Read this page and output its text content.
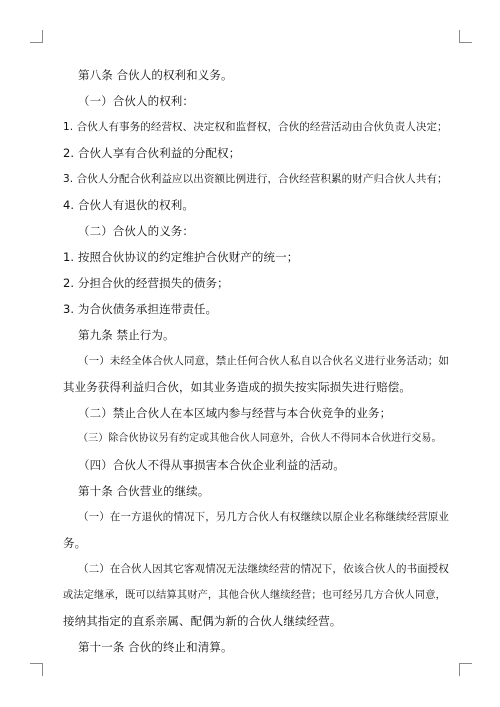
第八条 合伙人的权利和义务。
（一）合伙人的权利：
1. 合伙人有事务的经营权、决定权和监督权，合伙的经营活动由合伙负责人决定；
2. 合伙人享有合伙利益的分配权；
3. 合伙人分配合伙利益应以出资额比例进行，合伙经营积累的财产归合伙人共有；
4. 合伙人有退伙的权利。
（二）合伙人的义务：
1. 按照合伙协议的约定维护合伙财产的统一；
2. 分担合伙的经营损失的债务；
3. 为合伙债务承担连带责任。
第九条 禁止行为。
（一）未经全体合伙人同意，禁止任何合伙人私自以合伙名义进行业务活动；如
其业务获得利益归合伙，如其业务造成的损失按实际损失进行赔偿。
（二）禁止合伙人在本区域内参与经营与本合伙竞争的业务；
（三）除合伙协议另有约定或其他合伙人同意外，合伙人不得同本合伙进行交易。
（四）合伙人不得从事损害本合伙企业利益的活动。
第十条 合伙营业的继续。
（一）在一方退伙的情况下，另几方合伙人有权继续以原企业名称继续经营原业
务。
（二）在合伙人因其它客观情况无法继续经营的情况下，依该合伙人的书面授权
或法定继承，既可以结算其财产，其他合伙人继续经营；也可经另几方合伙人同意，
接纳其指定的直系亲属、配偶为新的合伙人继续经营。
第十一条 合伙的终止和清算。
